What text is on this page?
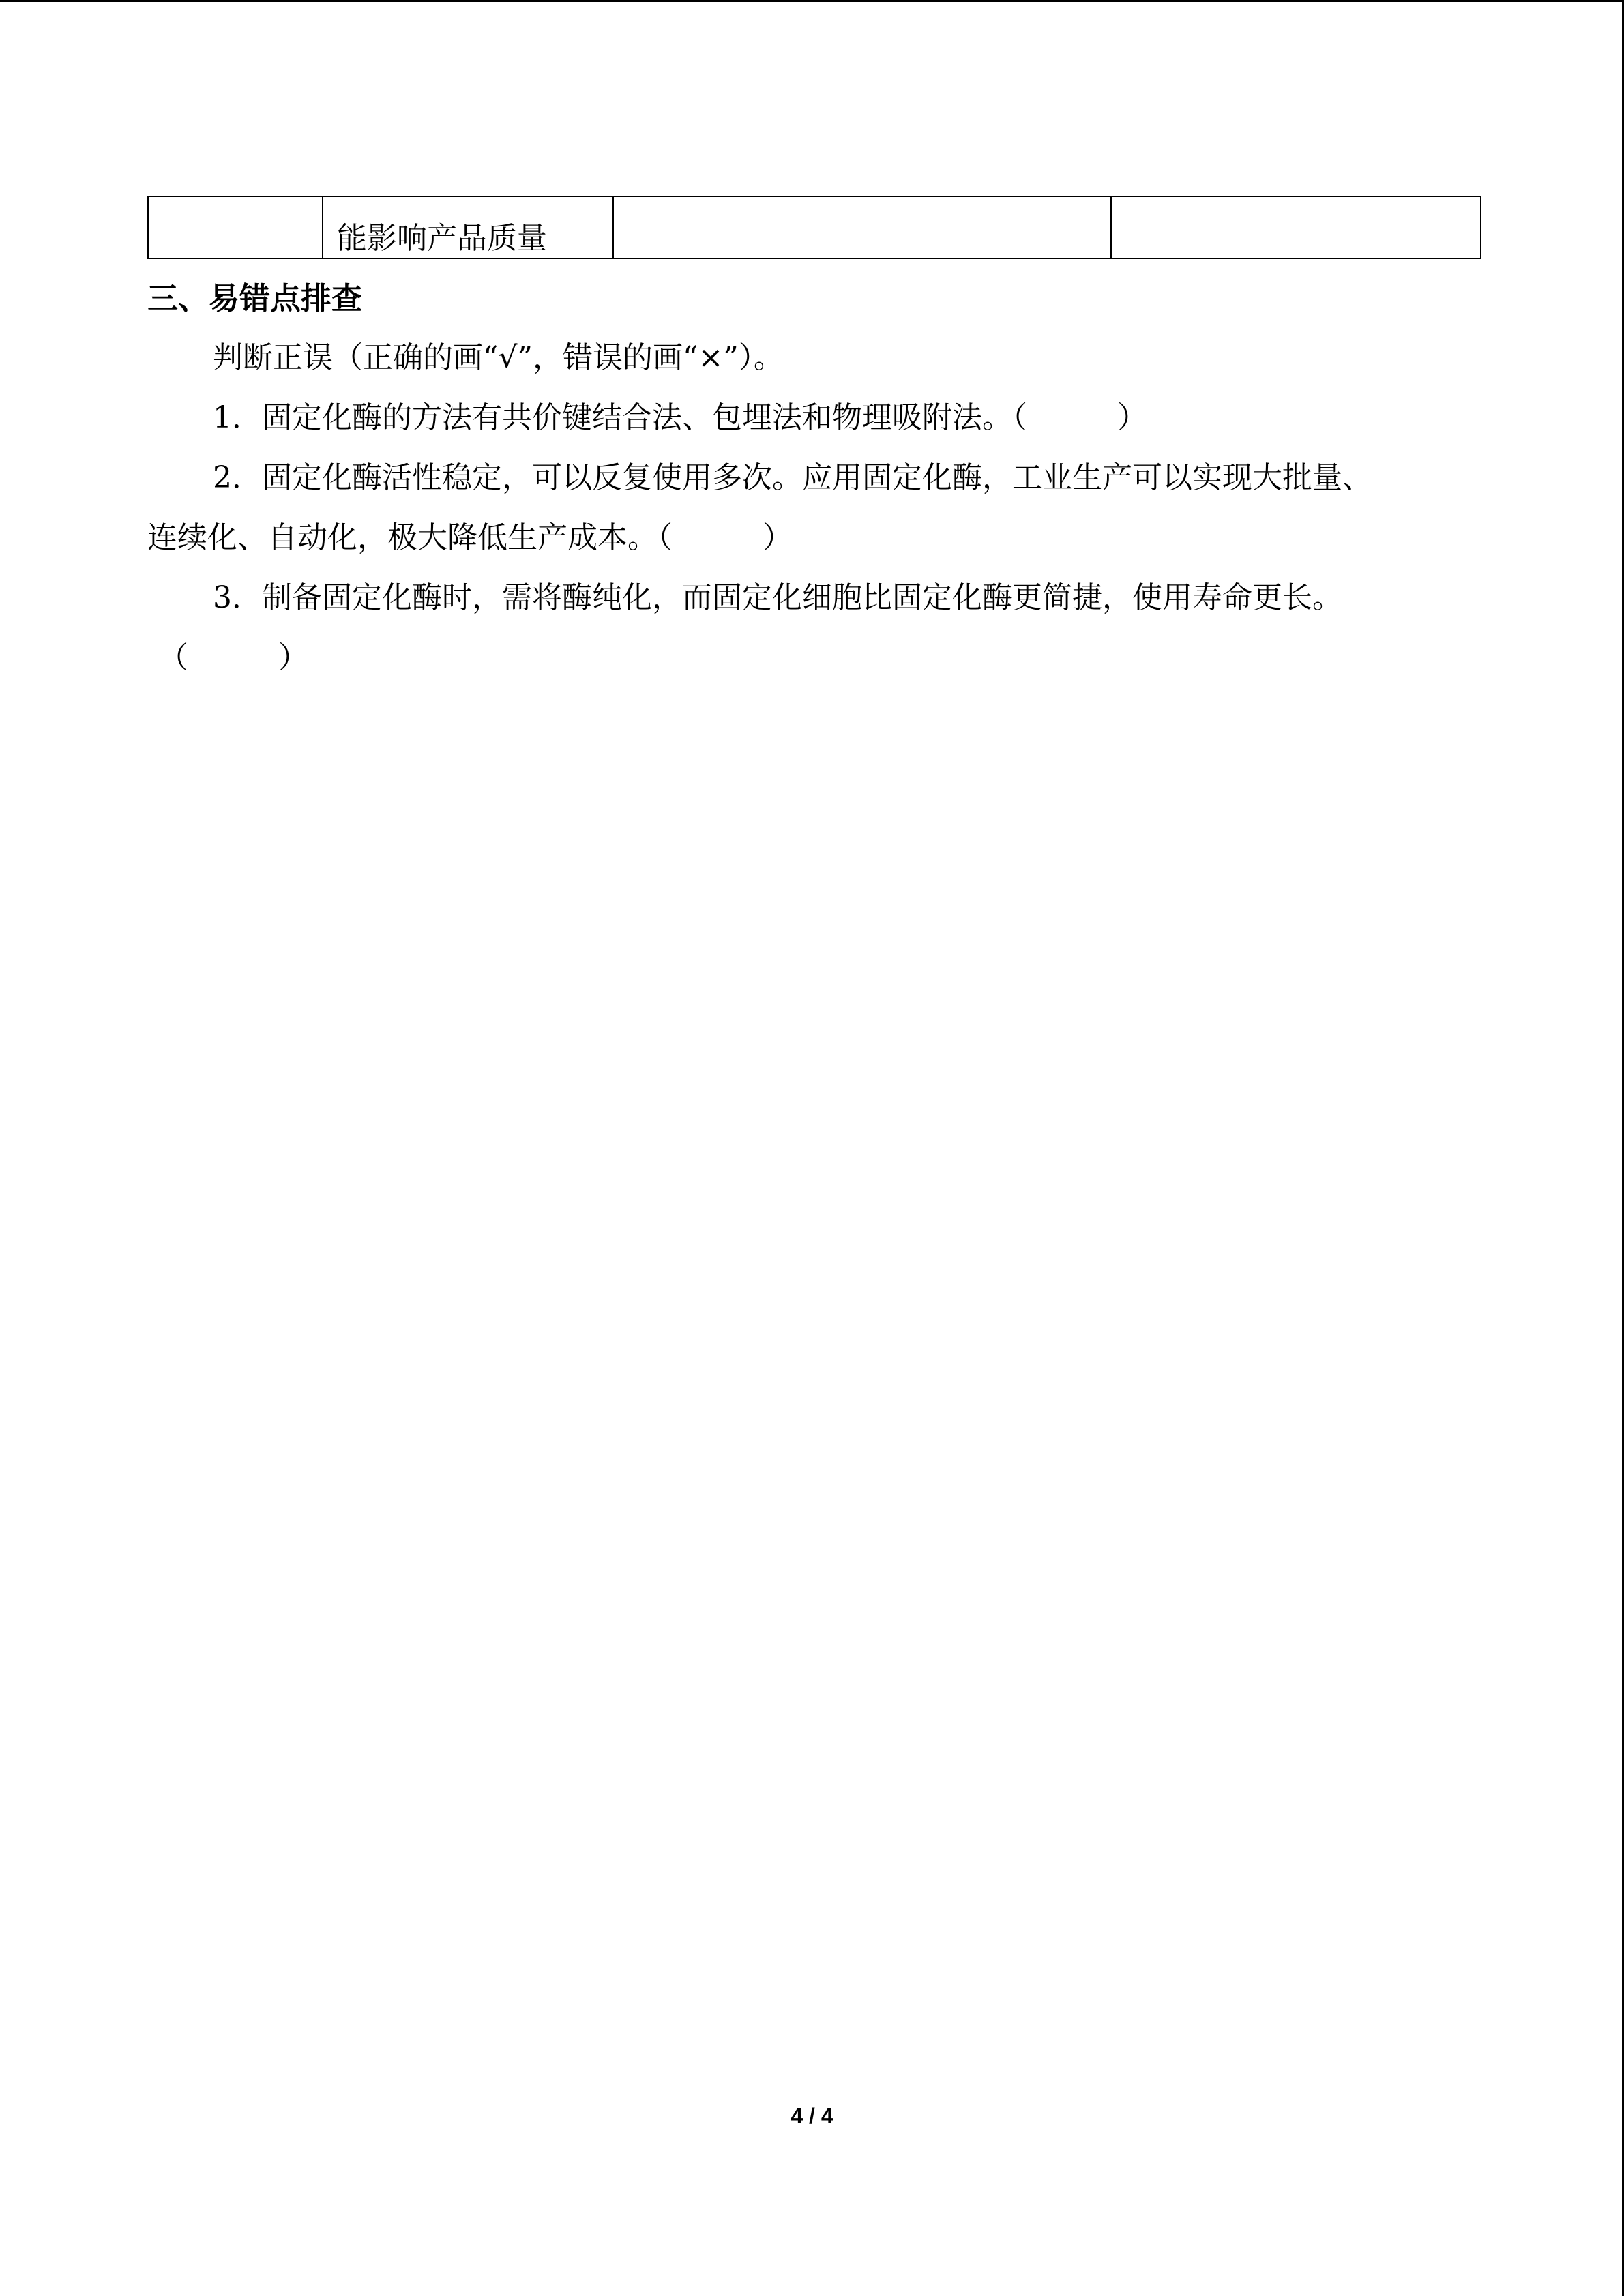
能影响产品质量

三、易错点排查
判断正误（正确的画“√”，错误的画“×”）。
1．固定化酶的方法有共价键结合法、包埋法和物理吸附法。（　　　）
2．固定化酶活性稳定，可以反复使用多次。应用固定化酶，工业生产可以实现大批量、
连续化、自动化，极大降低生产成本。（　　　）
3．制备固定化酶时，需将酶纯化，而固定化细胞比固定化酶更简捷，使用寿命更长。
（　　　）
4 / 4
